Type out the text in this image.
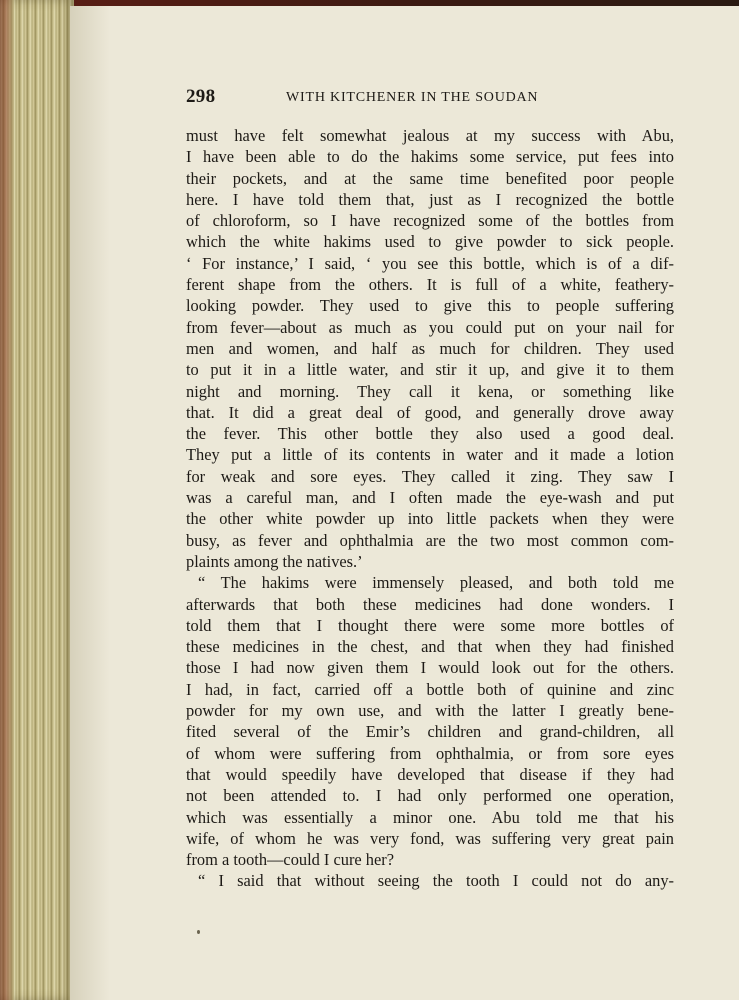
298	WITH KITCHENER IN THE SOUDAN
must have felt somewhat jealous at my success with Abu,
I have been able to do the hakims some service, put fees into
their pockets, and at the same time benefited poor people
here. I have told them that, just as I recognized the bottle
of chloroform, so I have recognized some of the bottles from
which the white hakims used to give powder to sick people.
‘ For instance,’ I said, ‘ you see this bottle, which is of a dif-
ferent shape from the others. It is full of a white, feathery-
looking powder. They used to give this to people suffering
from fever—about as much as you could put on your nail for
men and women, and half as much for children. They used
to put it in a little water, and stir it up, and give it to them
night and morning. They call it kena, or something like
that. It did a great deal of good, and generally drove away
the fever. This other bottle they also used a good deal.
They put a little of its contents in water and it made a lotion
for weak and sore eyes. They called it zing. They saw I
was a careful man, and I often made the eye-wash and put
the other white powder up into little packets when they were
busy, as fever and ophthalmia are the two most common com-
plaints among the natives.’
“ The hakims were immensely pleased, and both told me
afterwards that both these medicines had done wonders. I
told them that I thought there were some more bottles of
these medicines in the chest, and that when they had finished
those I had now given them I would look out for the others.
I had, in fact, carried off a bottle both of quinine and zinc
powder for my own use, and with the latter I greatly bene-
fited several of the Emir’s children and grand-children, all
of whom were suffering from ophthalmia, or from sore eyes
that would speedily have developed that disease if they had
not been attended to. I had only performed one operation,
which was essentially a minor one. Abu told me that his
wife, of whom he was very fond, was suffering very great pain
from a tooth—could I cure her?
“ I said that without seeing the tooth I could not do any-
